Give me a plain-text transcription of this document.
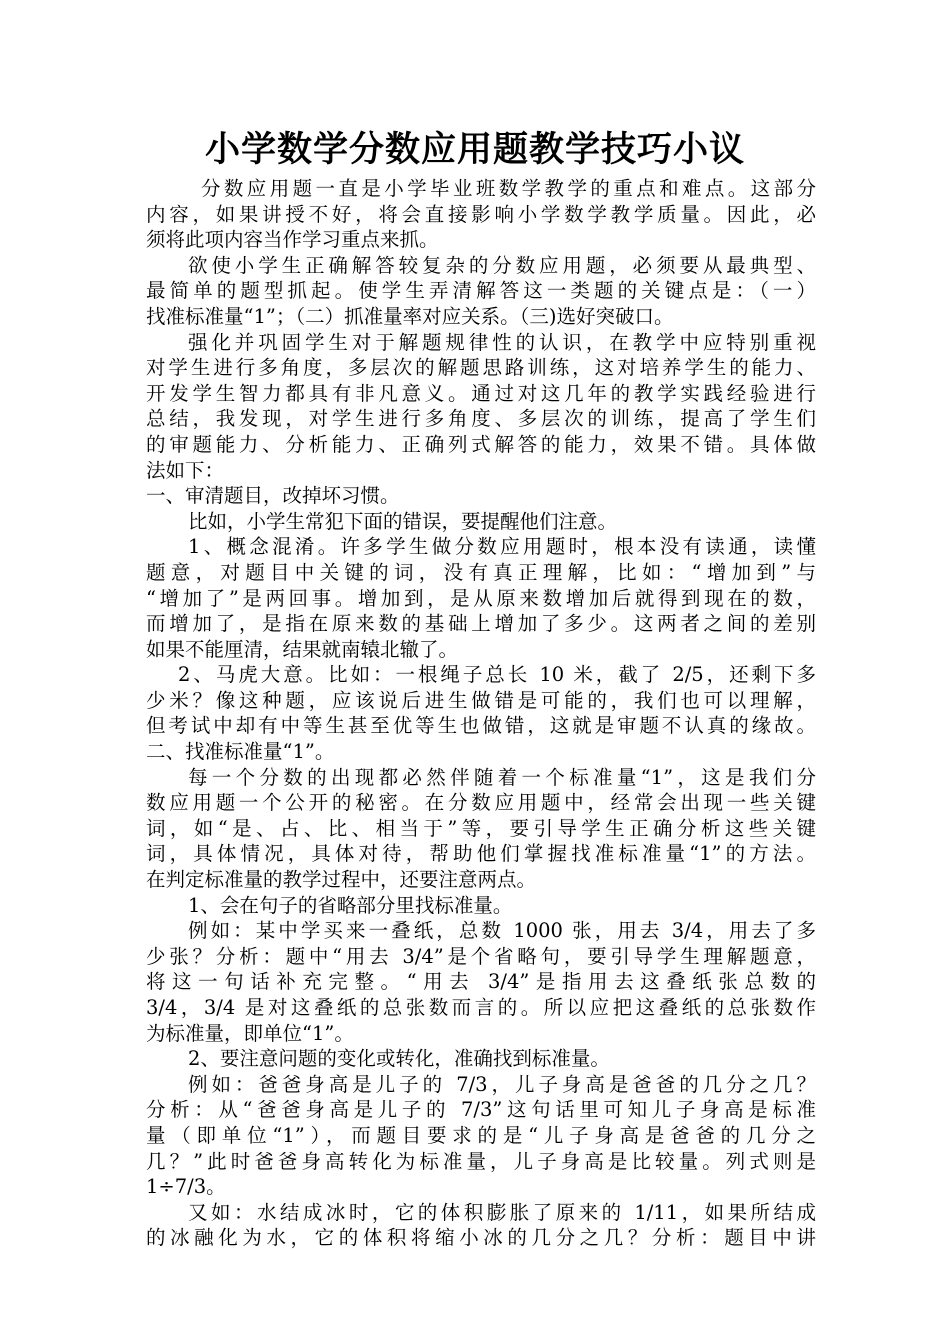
小学数学分数应用题教学技巧小议
分数应用题一直是小学毕业班数学教学的重点和难点。这部分
内容，如果讲授不好，将会直接影响小学数学教学质量。因此，必
须将此项内容当作学习重点来抓。
欲使小学生正确解答较复杂的分数应用题，必须要从最典型、
最简单的题型抓起。使学生弄清解答这一类题的关键点是：（一）
找准标准量“1”；（二）抓准量率对应关系。（三)选好突破口。
强化并巩固学生对于解题规律性的认识，在教学中应特别重视
对学生进行多角度，多层次的解题思路训练，这对培养学生的能力、
开发学生智力都具有非凡意义。通过对这几年的教学实践经验进行
总结，我发现，对学生进行多角度、多层次的训练，提高了学生们
的审题能力、分析能力、正确列式解答的能力，效果不错。具体做
法如下：
一、审清题目，改掉坏习惯。
比如，小学生常犯下面的错误，要提醒他们注意。
1、概念混淆。许多学生做分数应用题时，根本没有读通，读懂
题意，对题目中关键的词，没有真正理解，比如：“增加到”与
“增加了”是两回事。增加到，是从原来数增加后就得到现在的数，
而增加了，是指在原来数的基础上增加了多少。这两者之间的差别
如果不能厘清，结果就南辕北辙了。
2、马虎大意。比如：一根绳子总长 10 米，截了 2/5，还剩下多
少米？像这种题，应该说后进生做错是可能的，我们也可以理解，
但考试中却有中等生甚至优等生也做错，这就是审题不认真的缘故。
二、找准标准量“1”。
每一个分数的出现都必然伴随着一个标准量“1”，这是我们分
数应用题一个公开的秘密。在分数应用题中，经常会出现一些关键
词，如“是、占、比、相当于”等，要引导学生正确分析这些关键
词，具体情况，具体对待，帮助他们掌握找准标准量“1”的方法。
在判定标准量的教学过程中，还要注意两点。
1、会在句子的省略部分里找标准量。
例如：某中学买来一叠纸，总数 1000 张，用去 3/4，用去了多
少张？分析：题中“用去 3/4”是个省略句，要引导学生理解题意，
将这一句话补充完整。“用去 3/4”是指用去这叠纸张总数的
3/4，3/4 是对这叠纸的总张数而言的。所以应把这叠纸的总张数作
为标准量，即单位“1”。
2、要注意问题的变化或转化，准确找到标准量。
例如：爸爸身高是儿子的 7/3，儿子身高是爸爸的几分之几？
分析：从“爸爸身高是儿子的 7/3”这句话里可知儿子身高是标准
量（即单位“1”），而题目要求的是“儿子身高是爸爸的几分之
几？”此时爸爸身高转化为标准量，儿子身高是比较量。列式则是
1÷7/3。
又如：水结成冰时，它的体积膨胀了原来的 1/11，如果所结成
的冰融化为水，它的体积将缩小冰的几分之几？分析：题目中讲
